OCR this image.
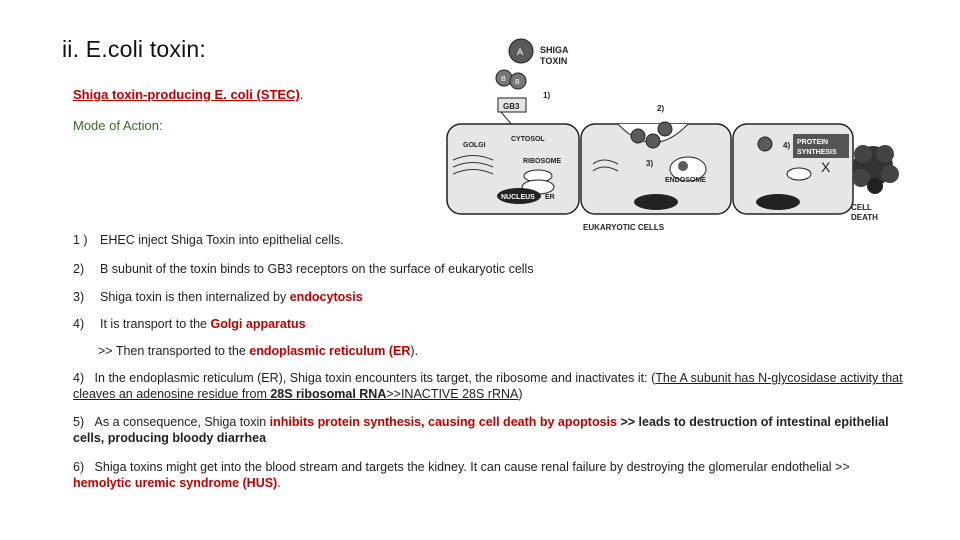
ii. E.coli toxin:
Shiga toxin-producing E. coli (STEC).
Mode of Action:
1 ) EHEC inject Shiga Toxin into epithelial cells.
2) B subunit of the toxin binds to GB3 receptors on the surface of eukaryotic cells
3) Shiga toxin is then internalized by endocytosis
4) It is transport to the Golgi apparatus
>> Then transported to the endoplasmic reticulum (ER).
4) In the endoplasmic reticulum (ER), Shiga toxin encounters its target, the ribosome and inactivates it: (The A subunit has N-glycosidase activity that cleaves an adenosine residue from 28S ribosomal RNA>>INACTIVE 28S rRNA)
5) As a consequence, Shiga toxin inhibits protein synthesis, causing cell death by apoptosis >> leads to destruction of intestinal epithelial cells, producing bloody diarrhea
6) Shiga toxins might get into the blood stream and targets the kidney. It can cause renal failure by destroying the glomerular endothelial >> hemolytic uremic syndrome (HUS).
A
B B
SHIGA
TOXIN
GB3
1)
GOLGI
CYTOSOL
RIBOSOME
NUCLEUS ER
2)
3)
ENDOSOME
4) PROTEIN
SYNTHESIS
X
CELL
DEATH
EUKARYOTIC CELLS
